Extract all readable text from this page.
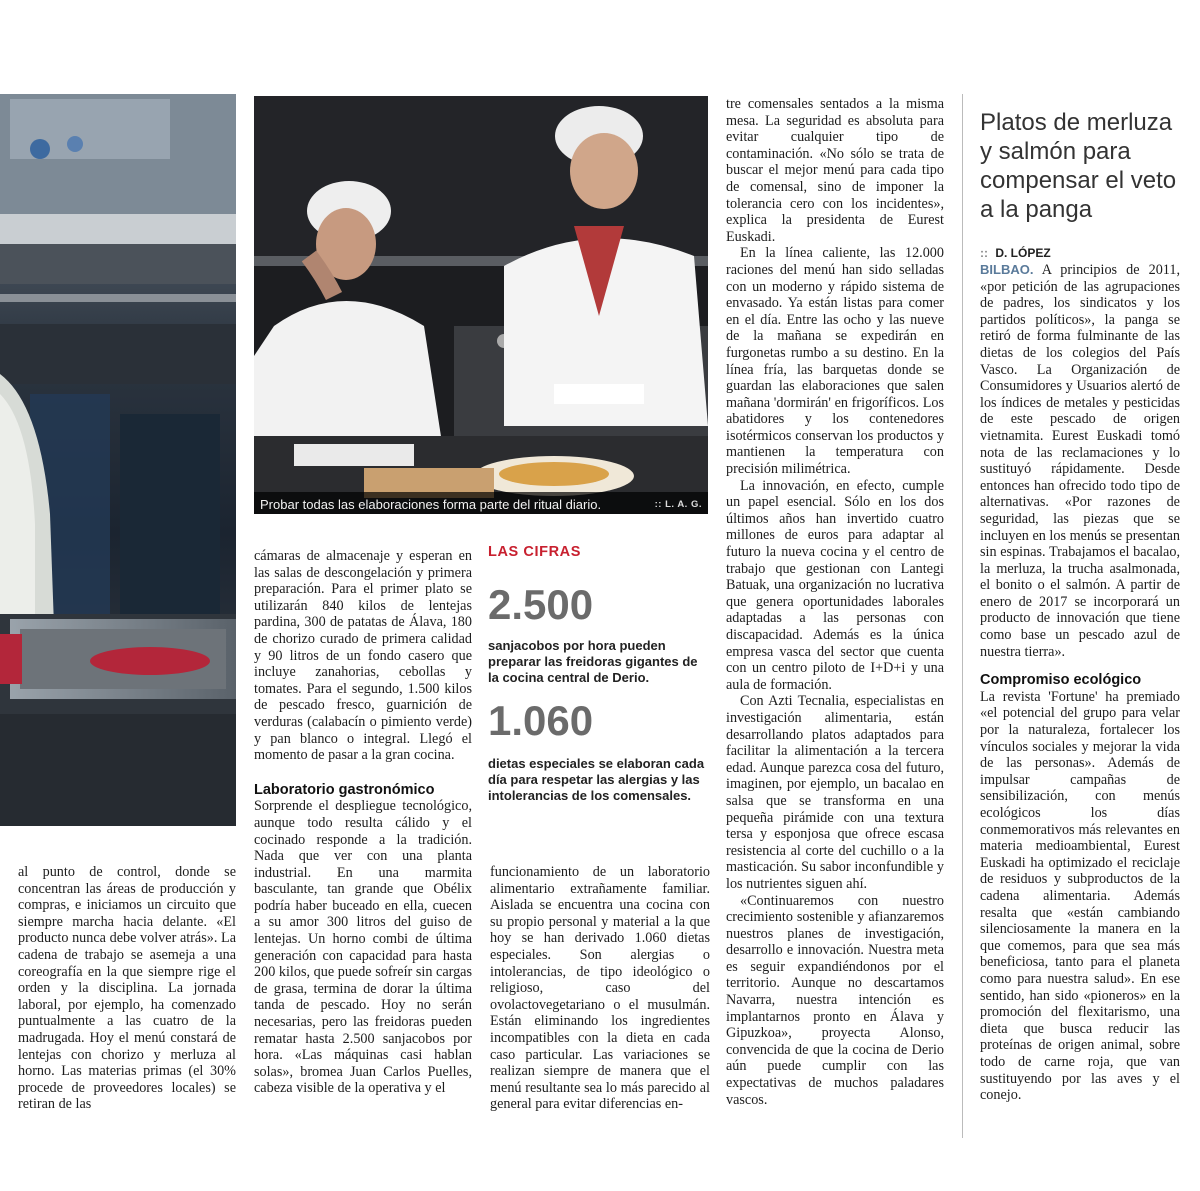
Probar todas las elaboraciones forma parte del ritual diario.	:: L. A. G.

al punto de control, donde se concentran las áreas de producción y compras, e iniciamos un circuito que siempre marcha hacia delante. «El producto nunca debe volver atrás». La cadena de trabajo se asemeja a una coreografía en la que siempre rige el orden y la disciplina. La jornada laboral, por ejemplo, ha comenzado puntualmente a las cuatro de la madrugada. Hoy el menú constará de lentejas con chorizo y merluza al horno. Las materias primas (el 30% procede de proveedores locales) se retiran de las

cámaras de almacenaje y esperan en las salas de descongelación y primera preparación. Para el primer plato se utilizarán 840 kilos de lentejas pardina, 300 de patatas de Álava, 180 de chorizo curado de primera calidad y 90 litros de un fondo casero que incluye zanahorias, cebollas y tomates. Para el segundo, 1.500 kilos de pescado fresco, guarnición de verduras (calabacín o pimiento verde) y pan blanco o integral. Llegó el momento de pasar a la gran cocina.

Laboratorio gastronómico

Sorprende el despliegue tecnológico, aunque todo resulta cálido y el cocinado responde a la tradición. Nada que ver con una planta industrial. En una marmita basculante, tan grande que Obélix podría haber buceado en ella, cuecen a su amor 300 litros del guiso de lentejas. Un horno combi de última generación con capacidad para hasta 200 kilos, que puede sofreír sin cargas de grasa, termina de dorar la última tanda de pescado. Hoy no serán necesarias, pero las freidoras pueden rematar hasta 2.500 sanjacobos por hora. «Las máquinas casi hablan solas», bromea Juan Carlos Puelles, cabeza visible de la operativa y el

LAS CIFRAS
2.500
sanjacobos por hora pueden preparar las freidoras gigantes de la cocina central de Derio.
1.060
dietas especiales se elaboran cada día para respetar las alergias y las intolerancias de los comensales.

funcionamiento de un laboratorio alimentario extrañamente familiar. Aislada se encuentra una cocina con su propio personal y material a la que hoy se han derivado 1.060 dietas especiales. Son alergias o intolerancias, de tipo ideológico o religioso, caso del ovolactovegetariano o el musulmán. Están eliminando los ingredientes incompatibles con la dieta en cada caso particular. Las variaciones se realizan siempre de manera que el menú resultante sea lo más parecido al general para evitar diferencias en-

tre comensales sentados a la misma mesa. La seguridad es absoluta para evitar cualquier tipo de contaminación. «No sólo se trata de buscar el mejor menú para cada tipo de comensal, sino de imponer la tolerancia cero con los incidentes», explica la presidenta de Eurest Euskadi.

En la línea caliente, las 12.000 raciones del menú han sido selladas con un moderno y rápido sistema de envasado. Ya están listas para comer en el día. Entre las ocho y las nueve de la mañana se expedirán en furgonetas rumbo a su destino. En la línea fría, las barquetas donde se guardan las elaboraciones que salen mañana 'dormirán' en frigoríficos. Los abatidores y los contenedores isotérmicos conservan los productos y mantienen la temperatura con precisión milimétrica.

La innovación, en efecto, cumple un papel esencial. Sólo en los dos últimos años han invertido cuatro millones de euros para adaptar al futuro la nueva cocina y el centro de trabajo que gestionan con Lantegi Batuak, una organización no lucrativa que genera oportunidades laborales adaptadas a las personas con discapacidad. Además es la única empresa vasca del sector que cuenta con un centro piloto de I+D+i y una aula de formación.

Con Azti Tecnalia, especialistas en investigación alimentaria, están desarrollando platos adaptados para facilitar la alimentación a la tercera edad. Aunque parezca cosa del futuro, imaginen, por ejemplo, un bacalao en salsa que se transforma en una pequeña pirámide con una textura tersa y esponjosa que ofrece escasa resistencia al corte del cuchillo o a la masticación. Su sabor inconfundible y los nutrientes siguen ahí.

«Continuaremos con nuestro crecimiento sostenible y afianzaremos nuestros planes de investigación, desarrollo e innovación. Nuestra meta es seguir expandiéndonos por el territorio. Aunque no descartamos Navarra, nuestra intención es implantarnos pronto en Álava y Gipuzkoa», proyecta Alonso, convencida de que la cocina de Derio aún puede cumplir con las expectativas de muchos paladares vascos.

Platos de merluza y salmón para compensar el veto a la panga
:: D. LÓPEZ

BILBAO. A principios de 2011, «por petición de las agrupaciones de padres, los sindicatos y los partidos políticos», la panga se retiró de forma fulminante de las dietas de los colegios del País Vasco. La Organización de Consumidores y Usuarios alertó de los índices de metales y pesticidas de este pescado de origen vietnamita. Eurest Euskadi tomó nota de las reclamaciones y lo sustituyó rápidamente. Desde entonces han ofrecido todo tipo de alternativas. «Por razones de seguridad, las piezas que se incluyen en los menús se presentan sin espinas. Trabajamos el bacalao, la merluza, la trucha asalmonada, el bonito o el salmón. A partir de enero de 2017 se incorporará un producto de innovación que tiene como base un pescado azul de nuestra tierra».

Compromiso ecológico

La revista 'Fortune' ha premiado «el potencial del grupo para velar por la naturaleza, fortalecer los vínculos sociales y mejorar la vida de las personas». Además de impulsar campañas de sensibilización, con menús ecológicos los días conmemorativos más relevantes en materia medioambiental, Eurest Euskadi ha optimizado el reciclaje de residuos y subproductos de la cadena alimentaria. Además resalta que «están cambiando silenciosamente la manera en la que comemos, para que sea más beneficiosa, tanto para el planeta como para nuestra salud». En ese sentido, han sido «pioneros» en la promoción del flexitarismo, una dieta que busca reducir las proteínas de origen animal, sobre todo de carne roja, que van sustituyendo por las aves y el conejo.
